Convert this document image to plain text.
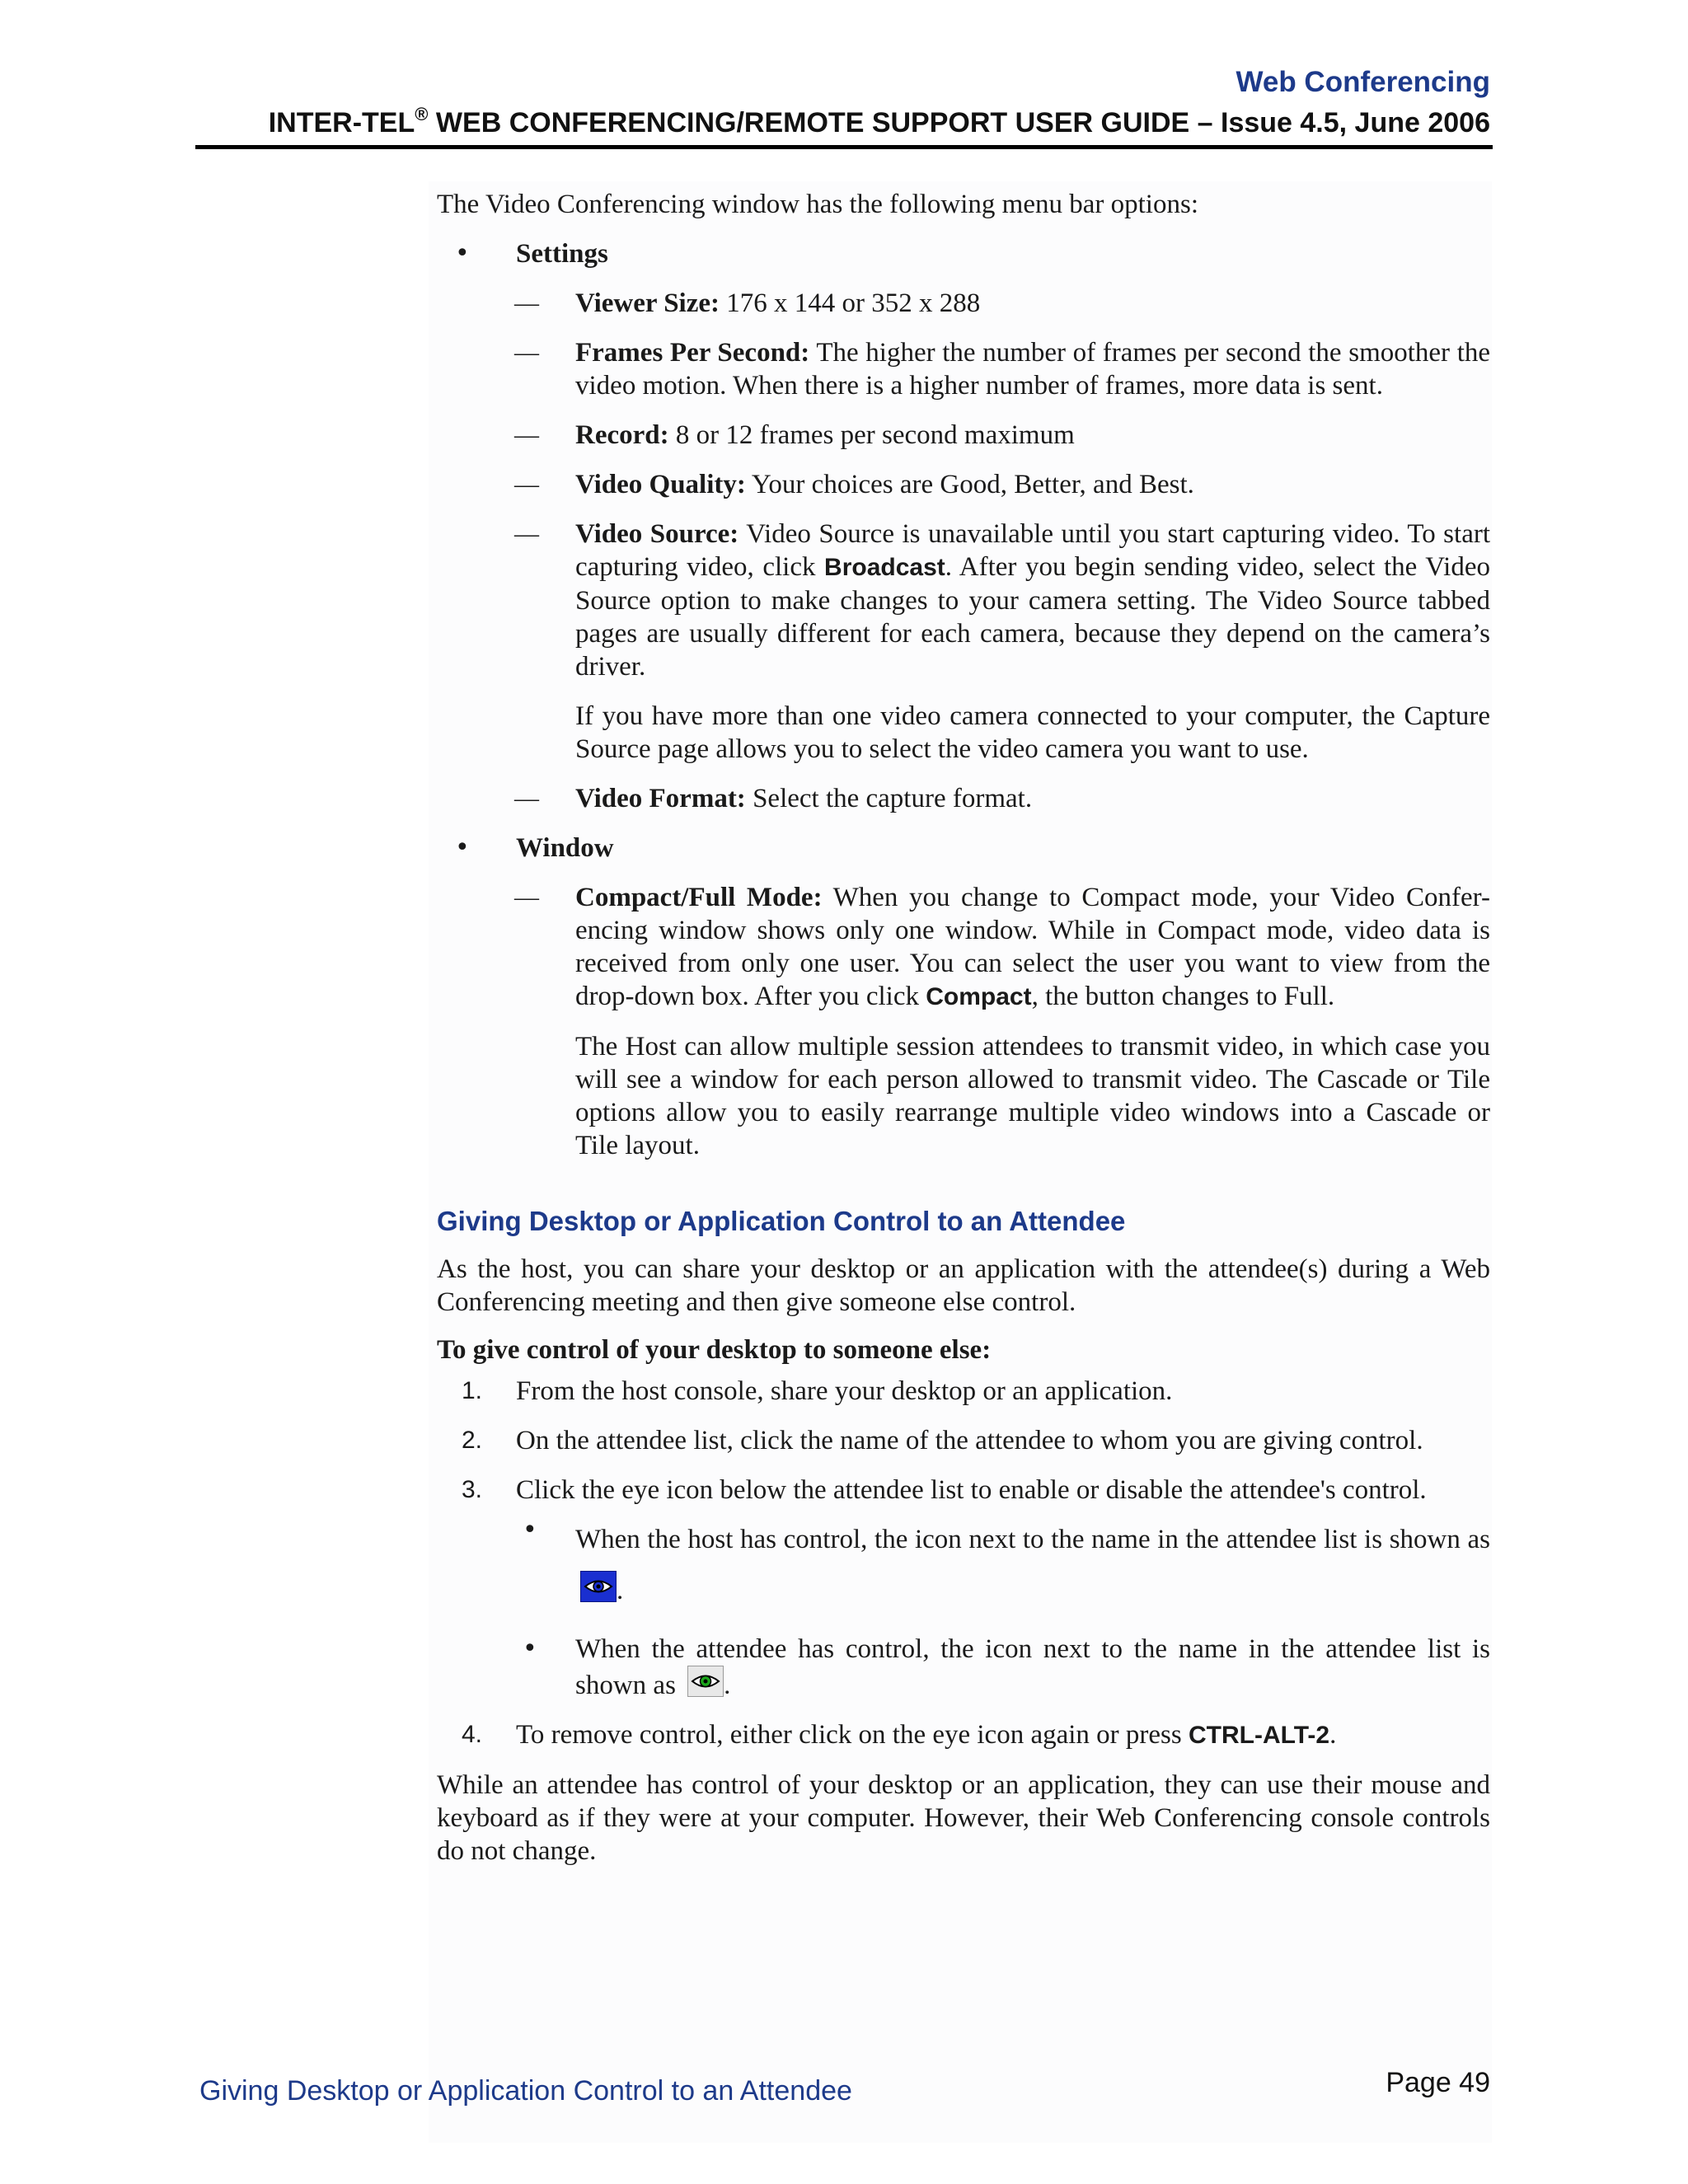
Web Conferencing
INTER-TEL® WEB CONFERENCING/REMOTE SUPPORT USER GUIDE – Issue 4.5, June 2006
The Video Conferencing window has the following menu bar options:
•	Settings
—	Viewer Size: 176 x 144 or 352 x 288
—	Frames Per Second: The higher the number of frames per second the smoother the video motion. When there is a higher number of frames, more data is sent.
—	Record: 8 or 12 frames per second maximum
—	Video Quality: Your choices are Good, Better, and Best.
—	Video Source: Video Source is unavailable until you start capturing video. To start capturing video, click Broadcast. After you begin sending video, select the Video Source option to make changes to your camera setting. The Video Source tabbed pages are usually different for each camera, because they depend on the camera’s driver.
If you have more than one video camera connected to your computer, the Capture Source page allows you to select the video camera you want to use.
—	Video Format: Select the capture format.
•	Window
—	Compact/Full Mode: When you change to Compact mode, your Video Confer-encing window shows only one window. While in Compact mode, video data is received from only one user. You can select the user you want to view from the drop-down box. After you click Compact, the button changes to Full.
The Host can allow multiple session attendees to transmit video, in which case you will see a window for each person allowed to transmit video. The Cascade or Tile options allow you to easily rearrange multiple video windows into a Cascade or Tile layout.
Giving Desktop or Application Control to an Attendee
As the host, you can share your desktop or an application with the attendee(s) during a Web Conferencing meeting and then give someone else control.
To give control of your desktop to someone else:
1.	From the host console, share your desktop or an application.
2.	On the attendee list, click the name of the attendee to whom you are giving control.
3.	Click the eye icon below the attendee list to enable or disable the attendee's control.
•	When the host has control, the icon next to the name in the attendee list is shown as .
•	When the attendee has control, the icon next to the name in the attendee list is shown as .
4.	To remove control, either click on the eye icon again or press CTRL-ALT-2.
While an attendee has control of your desktop or an application, they can use their mouse and keyboard as if they were at your computer. However, their Web Conferencing console controls do not change.
Giving Desktop or Application Control to an Attendee	Page 49
